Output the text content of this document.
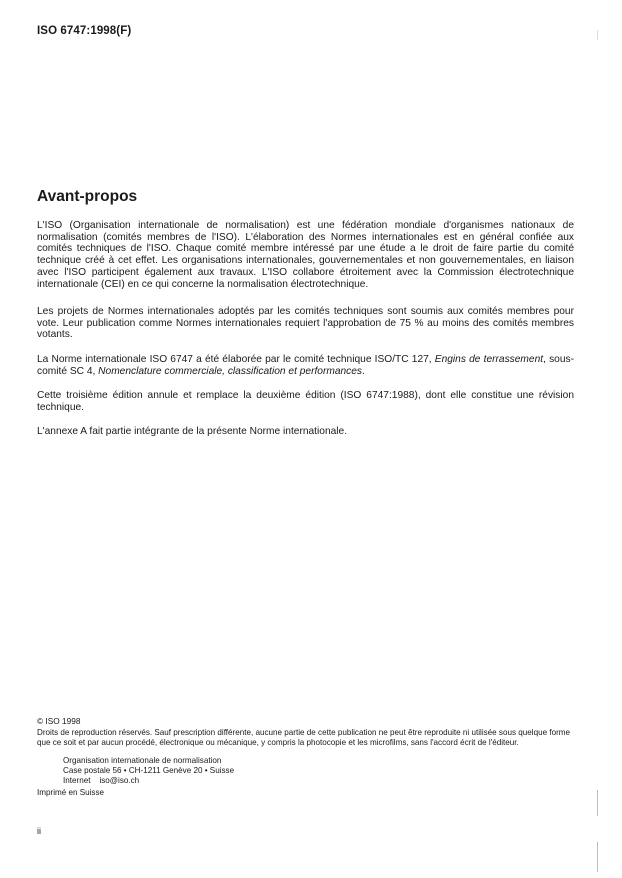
ISO 6747:1998(F)
Avant-propos

L'ISO (Organisation internationale de normalisation) est une fédération mondiale d'organismes nationaux de normalisation (comités membres de l'ISO). L'élaboration des Normes internationales est en général confiée aux comités techniques de l'ISO. Chaque comité membre intéressé par une étude a le droit de faire partie du comité technique créé à cet effet. Les organisations internationales, gouvernementales et non gouvernementales, en liaison avec l'ISO participent également aux travaux. L'ISO collabore étroitement avec la Commission électrotechnique internationale (CEI) en ce qui concerne la normalisation électrotechnique.

Les projets de Normes internationales adoptés par les comités techniques sont soumis aux comités membres pour vote. Leur publication comme Normes internationales requiert l'approbation de 75 % au moins des comités membres votants.

La Norme internationale ISO 6747 a été élaborée par le comité technique ISO/TC 127, Engins de terrassement, sous-comité SC 4, Nomenclature commerciale, classification et performances.

Cette troisième édition annule et remplace la deuxième édition (ISO 6747:1988), dont elle constitue une révision technique.

L'annexe A fait partie intégrante de la présente Norme internationale.

© ISO 1998

Droits de reproduction réservés. Sauf prescription différente, aucune partie de cette publication ne peut être reproduite ni utilisée sous quelque forme que ce soit et par aucun procédé, électronique ou mécanique, y compris la photocopie et les microfilms, sans l'accord écrit de l'éditeur.

Organisation internationale de normalisation
Case postale 56 • CH-1211 Genève 20 • Suisse
Internet iso@iso.ch
Imprimé en Suisse
ii
